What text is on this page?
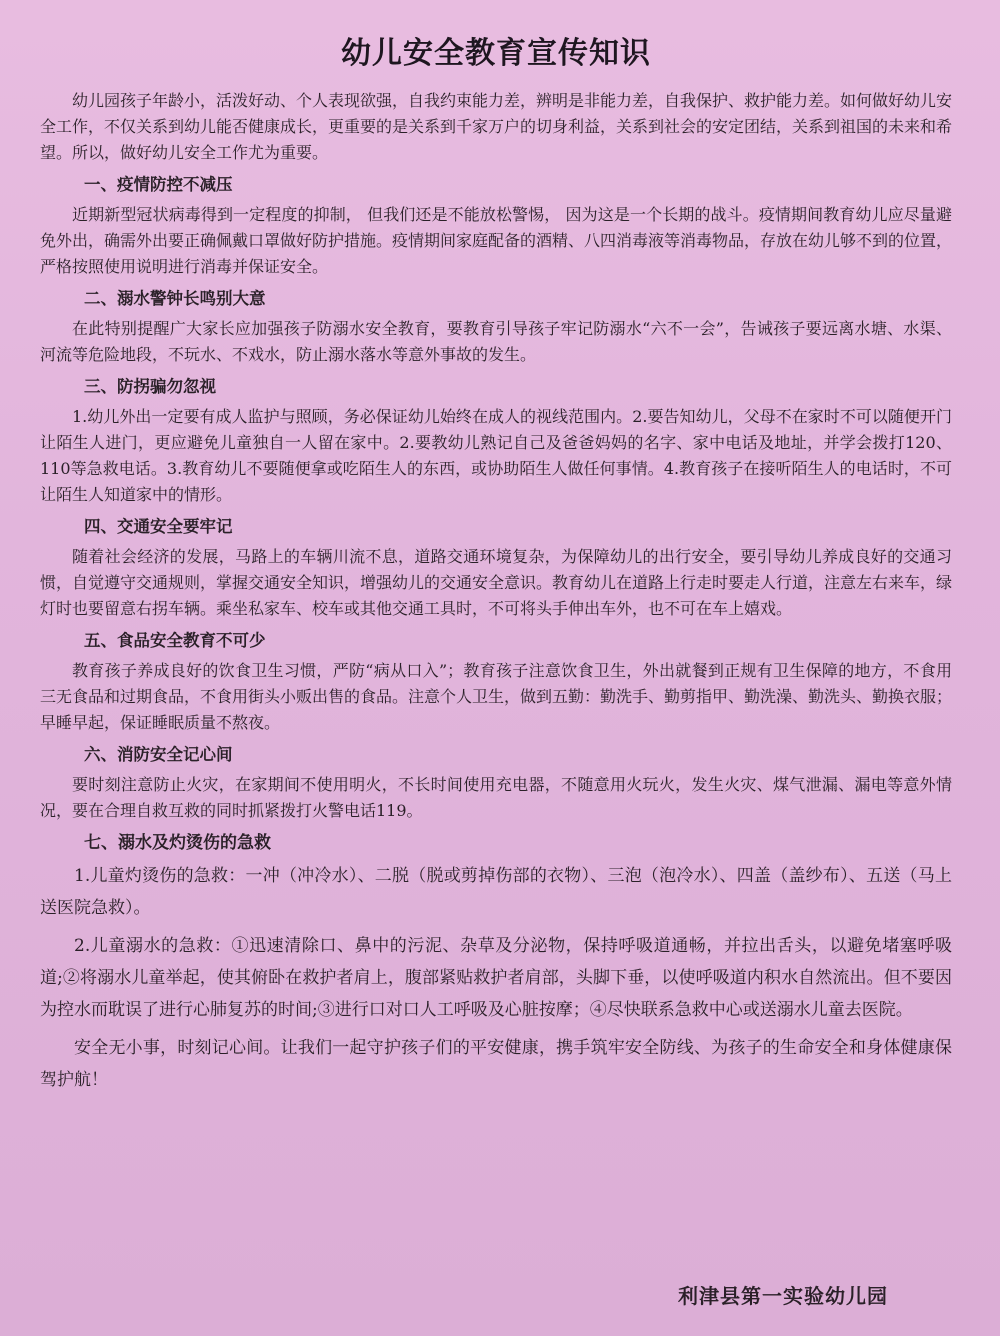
幼儿安全教育宣传知识

幼儿园孩子年龄小，活泼好动、个人表现欲强，自我约束能力差，辨明是非能力差，自我保护、救护能力差。如何做好幼儿安全工作，不仅关系到幼儿能否健康成长，更重要的是关系到千家万户的切身利益，关系到社会的安定团结，关系到祖国的未来和希望。所以，做好幼儿安全工作尤为重要。

一、疫情防控不减压

近期新型冠状病毒得到一定程度的抑制， 但我们还是不能放松警惕， 因为这是一个长期的战斗。疫情期间教育幼儿应尽量避免外出，确需外出要正确佩戴口罩做好防护措施。疫情期间家庭配备的酒精、八四消毒液等消毒物品，存放在幼儿够不到的位置，严格按照使用说明进行消毒并保证安全。

二、溺水警钟长鸣别大意

在此特别提醒广大家长应加强孩子防溺水安全教育，要教育引导孩子牢记防溺水“六不一会”，告诫孩子要远离水塘、水渠、河流等危险地段，不玩水、不戏水，防止溺水落水等意外事故的发生。

三、防拐骗勿忽视

1.幼儿外出一定要有成人监护与照顾，务必保证幼儿始终在成人的视线范围内。2.要告知幼儿，父母不在家时不可以随便开门让陌生人进门，更应避免儿童独自一人留在家中。2.要教幼儿熟记自己及爸爸妈妈的名字、家中电话及地址，并学会拨打120、110等急救电话。3.教育幼儿不要随便拿或吃陌生人的东西，或协助陌生人做任何事情。4.教育孩子在接听陌生人的电话时，不可让陌生人知道家中的情形。

四、交通安全要牢记

随着社会经济的发展，马路上的车辆川流不息，道路交通环境复杂，为保障幼儿的出行安全，要引导幼儿养成良好的交通习惯，自觉遵守交通规则，掌握交通安全知识，增强幼儿的交通安全意识。教育幼儿在道路上行走时要走人行道，注意左右来车，绿灯时也要留意右拐车辆。乘坐私家车、校车或其他交通工具时，不可将头手伸出车外，也不可在车上嬉戏。

五、食品安全教育不可少

教育孩子养成良好的饮食卫生习惯，严防“病从口入”；教育孩子注意饮食卫生，外出就餐到正规有卫生保障的地方，不食用三无食品和过期食品，不食用街头小贩出售的食品。注意个人卫生，做到五勤：勤洗手、勤剪指甲、勤洗澡、勤洗头、勤换衣服；早睡早起，保证睡眠质量不熬夜。

六、消防安全记心间

要时刻注意防止火灾，在家期间不使用明火，不长时间使用充电器，不随意用火玩火，发生火灾、煤气泄漏、漏电等意外情况，要在合理自救互救的同时抓紧拨打火警电话119。

七、溺水及灼烫伤的急救

1.儿童灼烫伤的急救：一冲（冲冷水）、二脱（脱或剪掉伤部的衣物）、三泡（泡冷水）、四盖（盖纱布）、五送（马上送医院急救）。

2.儿童溺水的急救：①迅速清除口、鼻中的污泥、杂草及分泌物，保持呼吸道通畅，并拉出舌头，以避免堵塞呼吸道;②将溺水儿童举起，使其俯卧在救护者肩上，腹部紧贴救护者肩部，头脚下垂，以使呼吸道内积水自然流出。但不要因为控水而耽误了进行心肺复苏的时间;③进行口对口人工呼吸及心脏按摩；④尽快联系急救中心或送溺水儿童去医院。

安全无小事，时刻记心间。让我们一起守护孩子们的平安健康，携手筑牢安全防线、为孩子的生命安全和身体健康保驾护航！

利津县第一实验幼儿园
